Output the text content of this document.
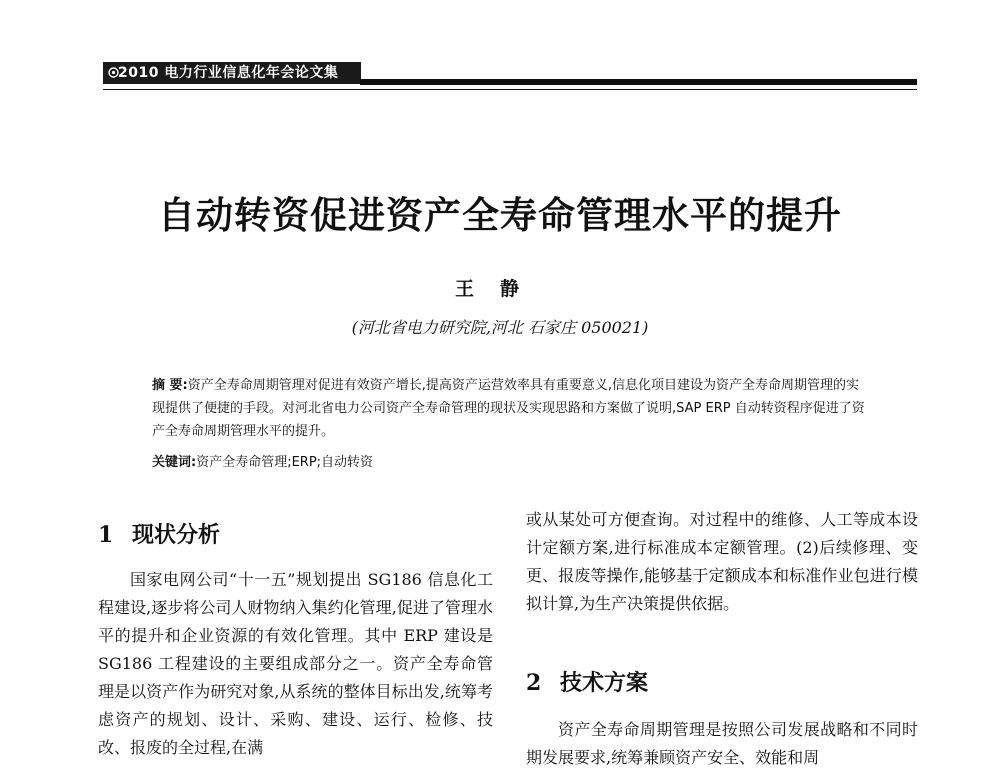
2010 电力行业信息化年会论文集
自动转资促进资产全寿命管理水平的提升
王静
(河北省电力研究院,河北 石家庄 050021)
摘 要:资产全寿命周期管理对促进有效资产增长,提高资产运营效率具有重要意义,信息化项目建设为资产全寿命周期管理的实现提供了便捷的手段。对河北省电力公司资产全寿命管理的现状及实现思路和方案做了说明,SAP ERP 自动转资程序促进了资产全寿命周期管理水平的提升。
关键词:资产全寿命管理;ERP;自动转资
1 现状分析

国家电网公司“十一五”规划提出 SG186 信息化工程建设,逐步将公司人财物纳入集约化管理,促进了管理水平的提升和企业资源的有效化管理。其中 ERP 建设是 SG186 工程建设的主要组成部分之一。资产全寿命管理是以资产作为研究对象,从系统的整体目标出发,统筹考虑资产的规划、设计、采购、建设、运行、检修、技改、报废的全过程,在满

或从某处可方便查询。对过程中的维修、人工等成本设计定额方案,进行标准成本定额管理。(2)后续修理、变更、报废等操作,能够基于定额成本和标准作业包进行模拟计算,为生产决策提供依据。

2 技术方案

资产全寿命周期管理是按照公司发展战略和不同时期发展要求,统筹兼顾资产安全、效能和周
